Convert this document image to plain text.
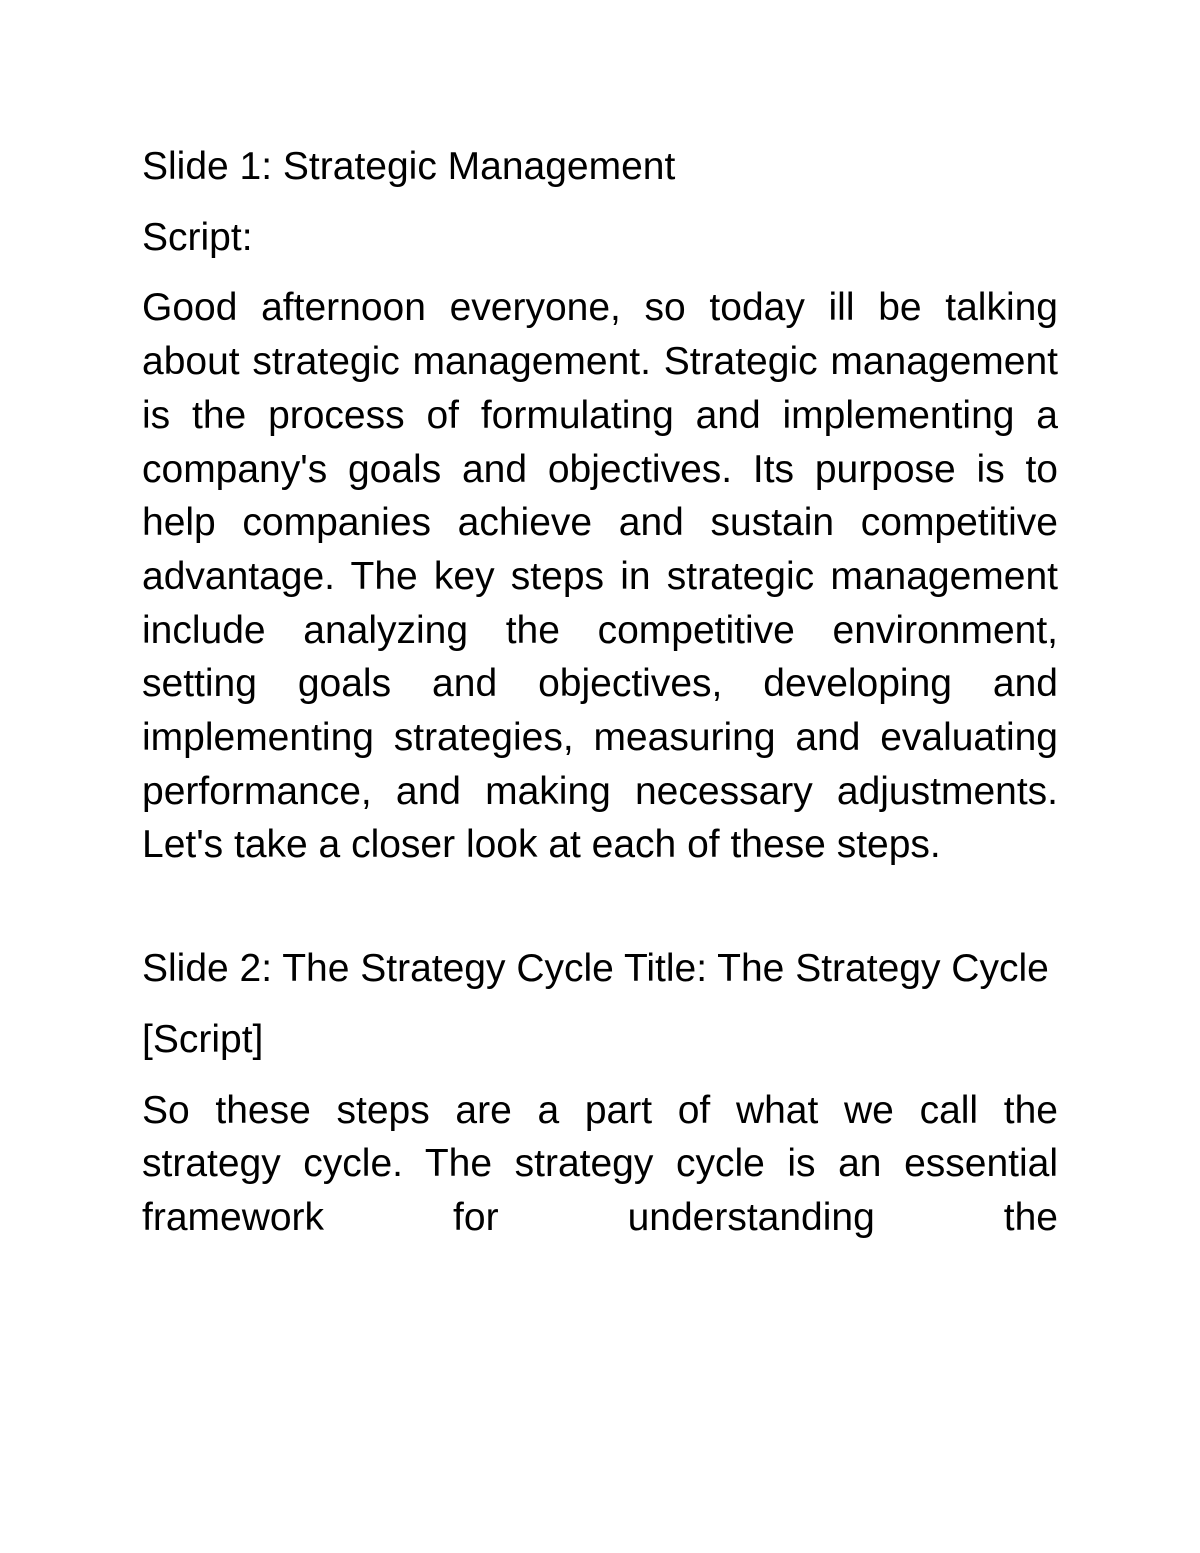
Slide 1: Strategic Management

Script:

Good afternoon everyone, so today ill be talking about strategic management. Strategic management is the process of formulating and implementing a company's goals and objectives. Its purpose is to help companies achieve and sustain competitive advantage. The key steps in strategic management include analyzing the competitive environment, setting goals and objectives, developing and implementing strategies, measuring and evaluating performance, and making necessary adjustments. Let's take a closer look at each of these steps.

Slide 2: The Strategy Cycle Title: The Strategy Cycle

[Script]

So these steps are a part of what we call the strategy cycle. The strategy cycle is an essential framework for understanding the
